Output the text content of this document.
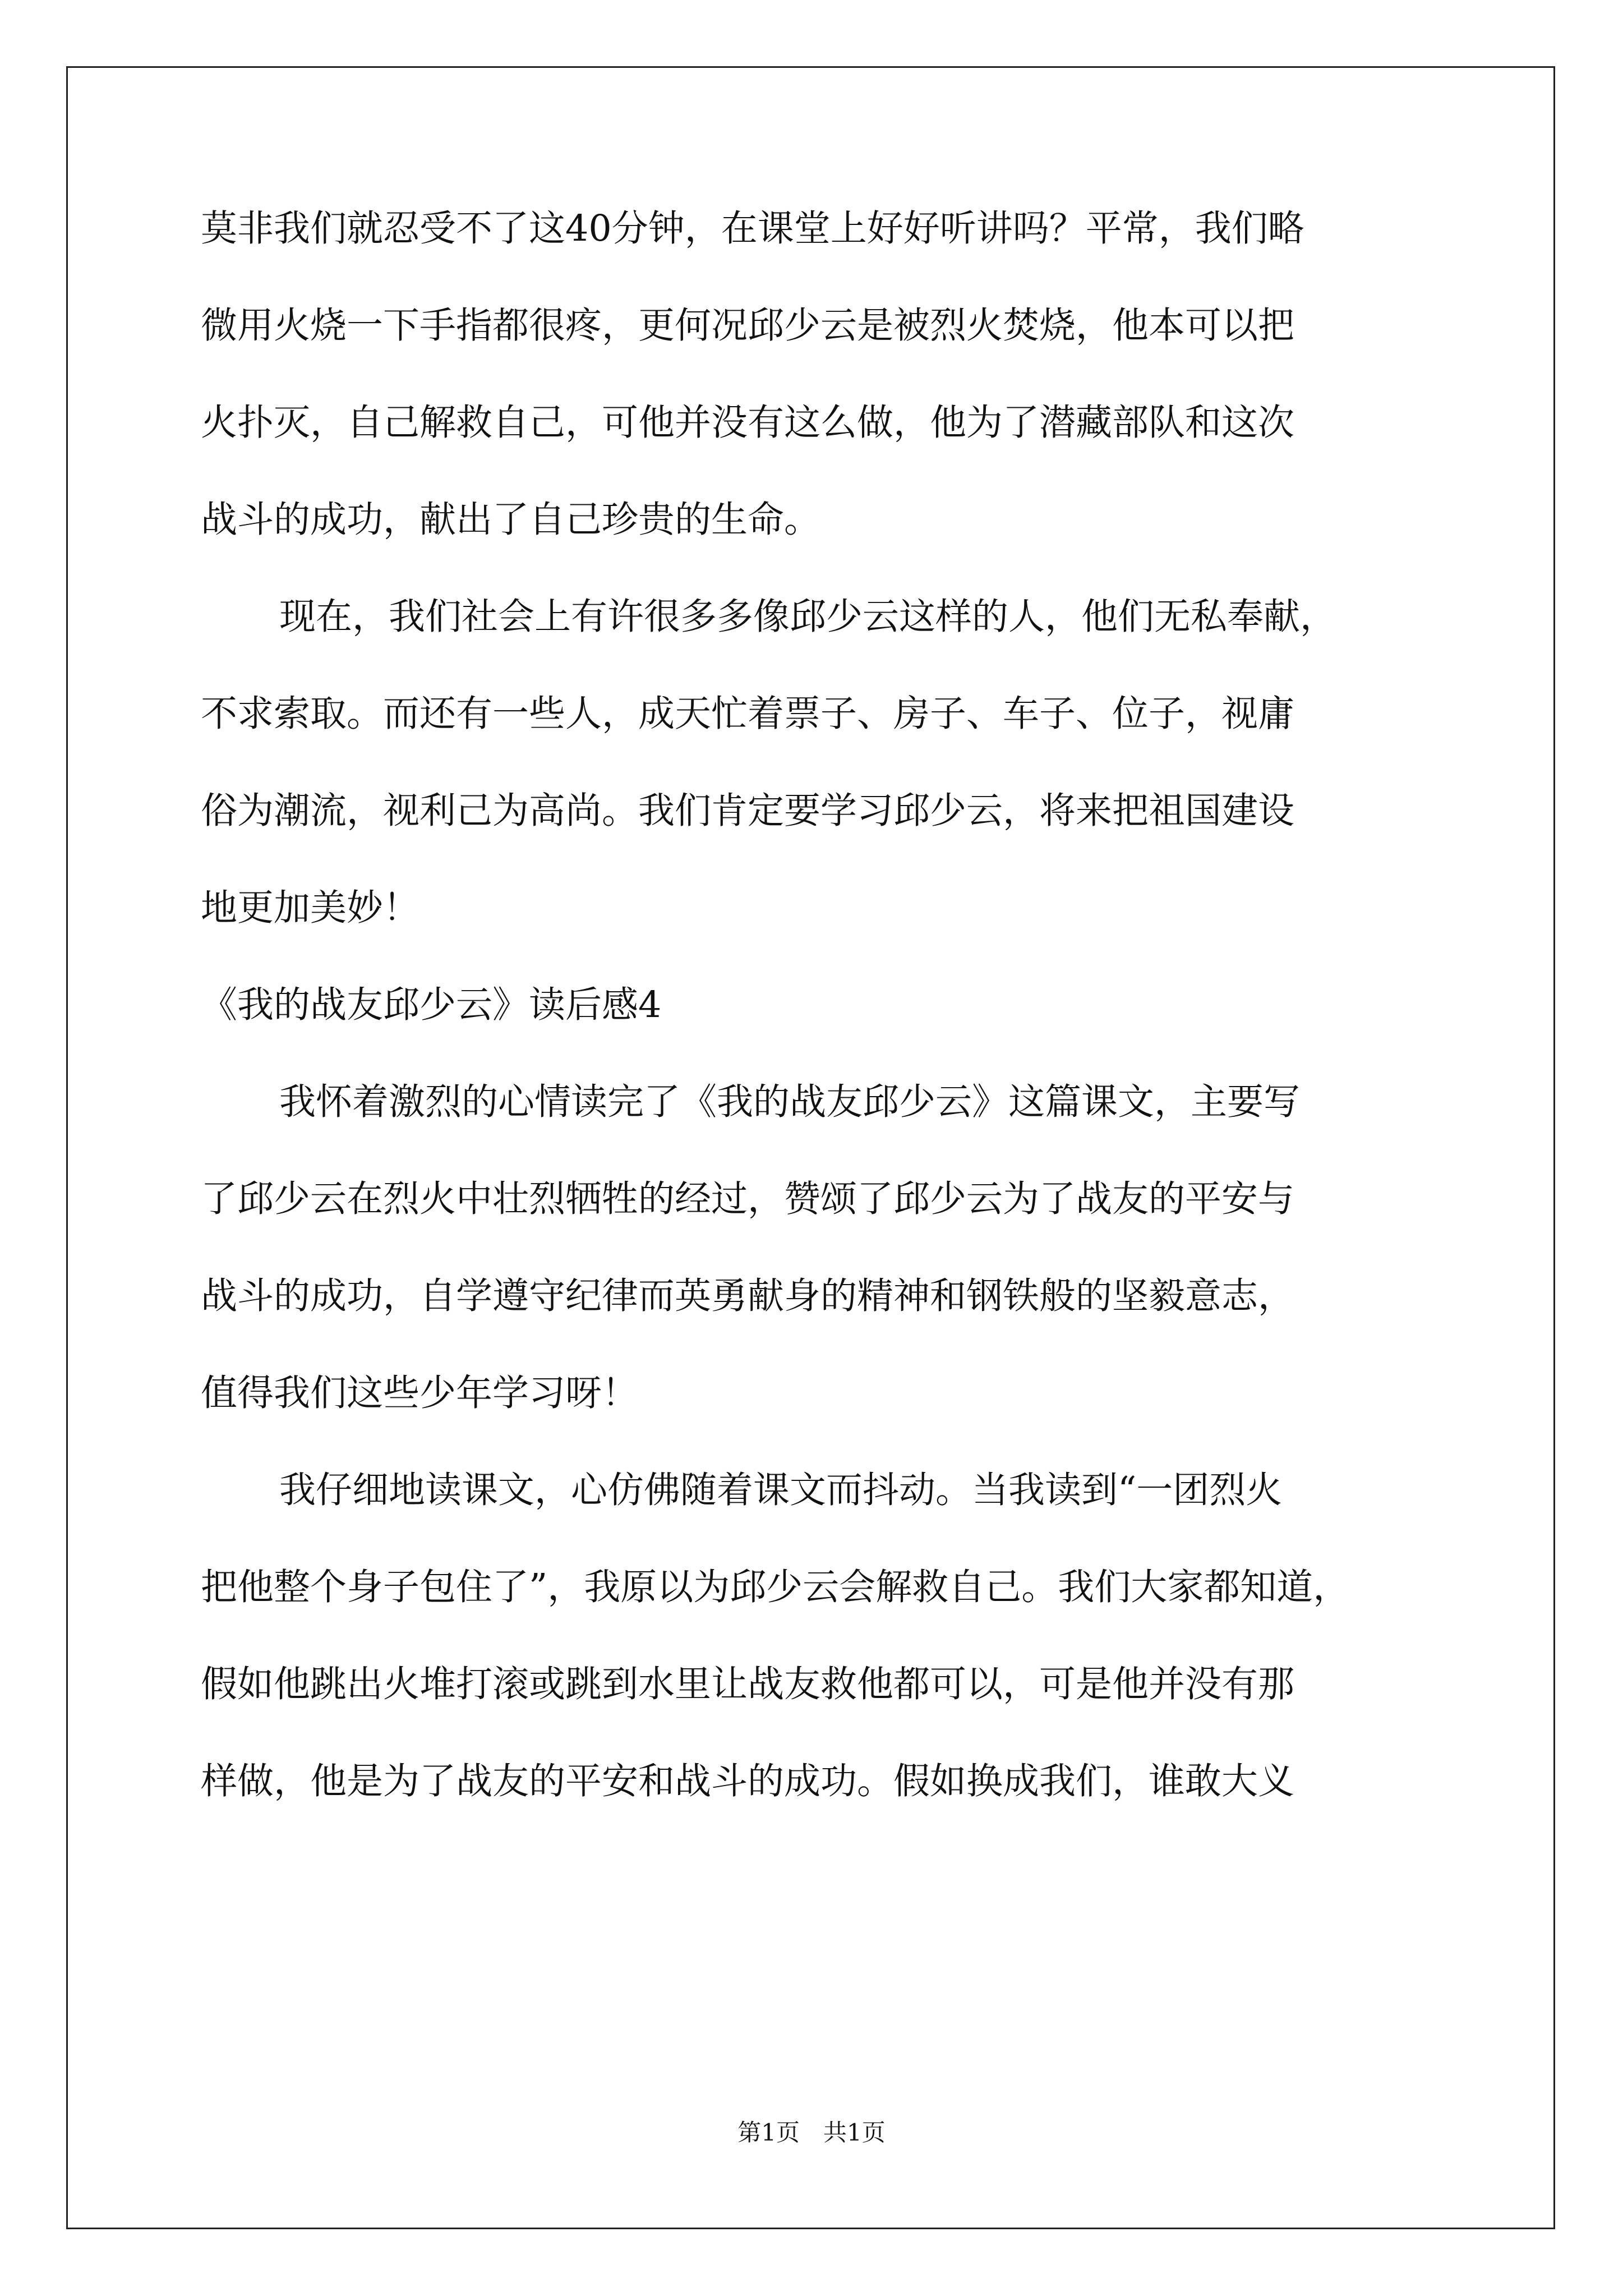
莫非我们就忍受不了这40分钟，在课堂上好好听讲吗？平常，我们略
微用火烧一下手指都很疼，更何况邱少云是被烈火焚烧，他本可以把
火扑灭，自己解救自己，可他并没有这么做，他为了潜藏部队和这次
战斗的成功，献出了自己珍贵的生命。
现在，我们社会上有许很多多像邱少云这样的人，他们无私奉献，
不求索取。而还有一些人，成天忙着票子、房子、车子、位子，视庸
俗为潮流，视利己为高尚。我们肯定要学习邱少云，将来把祖国建设
地更加美妙！
《我的战友邱少云》读后感4
我怀着激烈的心情读完了《我的战友邱少云》这篇课文，主要写
了邱少云在烈火中壮烈牺牲的经过，赞颂了邱少云为了战友的平安与
战斗的成功，自学遵守纪律而英勇献身的精神和钢铁般的坚毅意志，
值得我们这些少年学习呀！
我仔细地读课文，心仿佛随着课文而抖动。当我读到“一团烈火
把他整个身子包住了”，我原以为邱少云会解救自己。我们大家都知道，
假如他跳出火堆打滚或跳到水里让战友救他都可以，可是他并没有那
样做，他是为了战友的平安和战斗的成功。假如换成我们，谁敢大义
第1页　共1页
